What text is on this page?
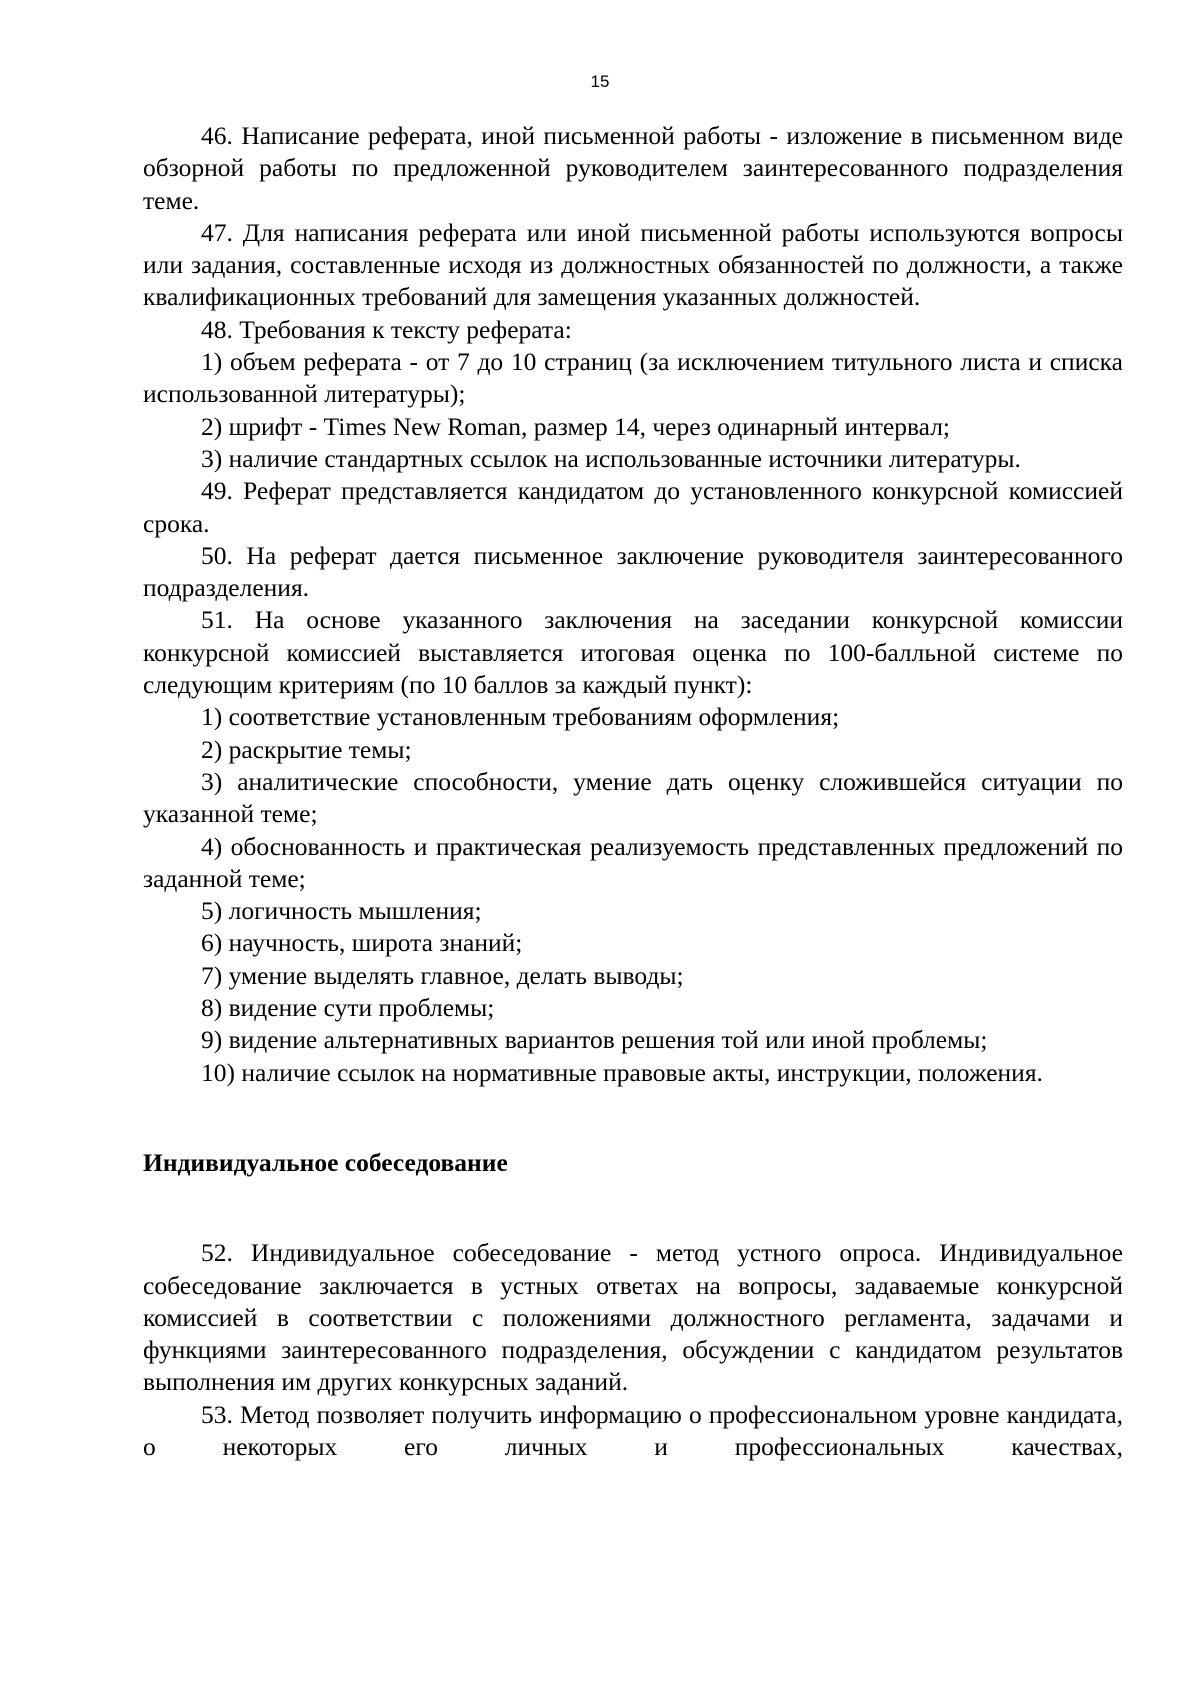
15

46. Написание реферата, иной письменной работы - изложение в письменном виде обзорной работы по предложенной руководителем заинтересованного подразделения теме.

47. Для написания реферата или иной письменной работы используются вопросы или задания, составленные исходя из должностных обязанностей по должности, а также квалификационных требований для замещения указанных должностей.

48. Требования к тексту реферата:

1) объем реферата - от 7 до 10 страниц (за исключением титульного листа и списка использованной литературы);

2) шрифт - Times New Roman, размер 14, через одинарный интервал;

3) наличие стандартных ссылок на использованные источники литературы.

49. Реферат представляется кандидатом до установленного конкурсной комиссией срока.

50. На реферат дается письменное заключение руководителя заинтересованного подразделения.

51. На основе указанного заключения на заседании конкурсной комиссии конкурсной комиссией выставляется итоговая оценка по 100-балльной системе по следующим критериям (по 10 баллов за каждый пункт):

1) соответствие установленным требованиям оформления;

2) раскрытие темы;

3) аналитические способности, умение дать оценку сложившейся ситуации по указанной теме;

4) обоснованность и практическая реализуемость представленных предложений по заданной теме;

5) логичность мышления;

6) научность, широта знаний;

7) умение выделять главное, делать выводы;

8) видение сути проблемы;

9) видение альтернативных вариантов решения той или иной проблемы;

10) наличие ссылок на нормативные правовые акты, инструкции, положения.

Индивидуальное собеседование

52. Индивидуальное собеседование - метод устного опроса. Индивидуальное собеседование заключается в устных ответах на вопросы, задаваемые конкурсной комиссией в соответствии с положениями должностного регламента, задачами и функциями заинтересованного подразделения, обсуждении с кандидатом результатов выполнения им других конкурсных заданий.

53. Метод позволяет получить информацию о профессиональном уровне кандидата, о некоторых его личных и профессиональных качествах,
